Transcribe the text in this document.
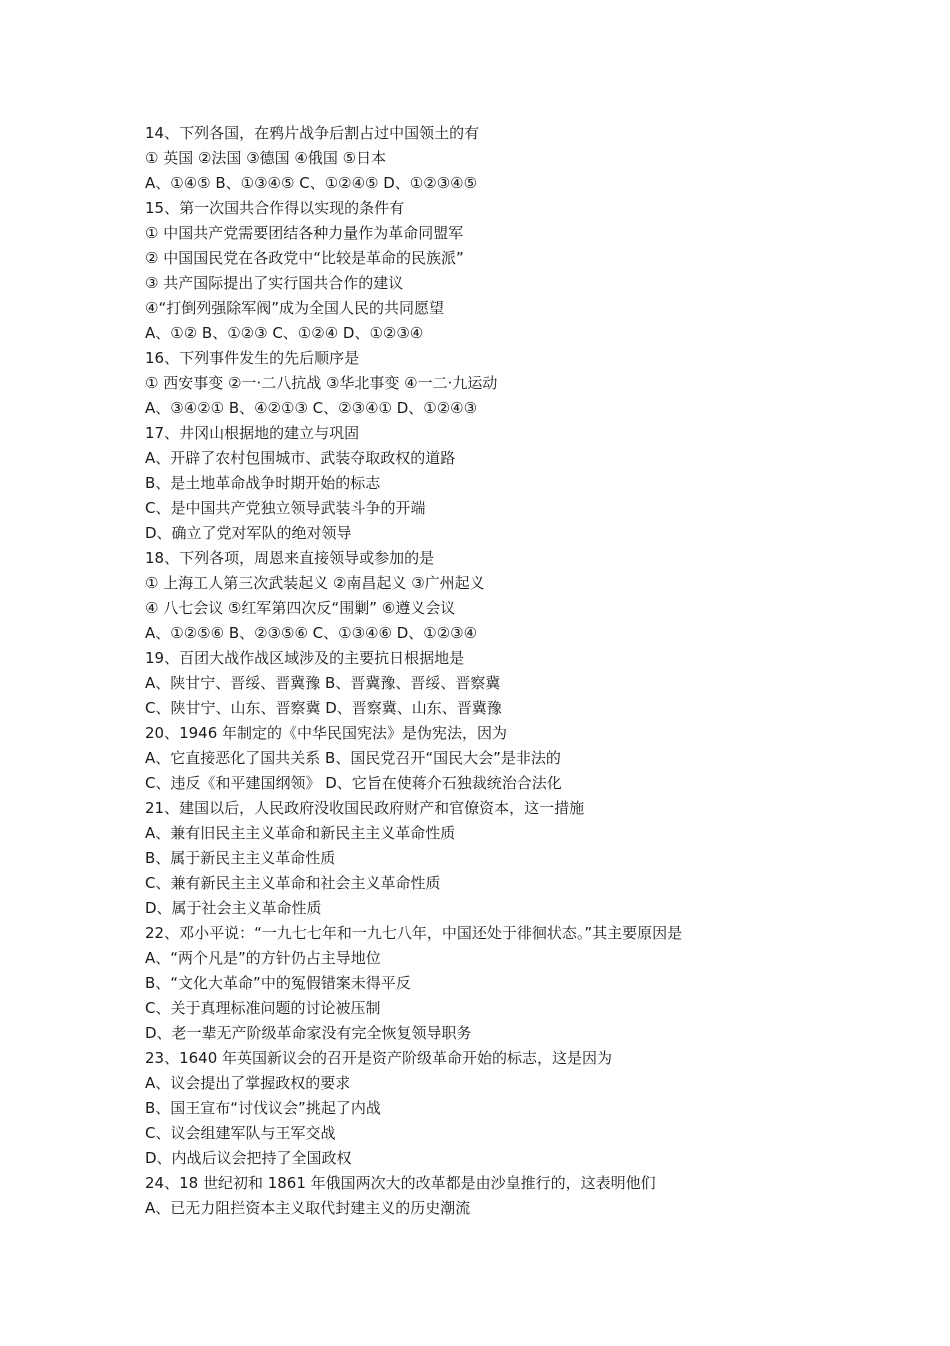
14、下列各国，在鸦片战争后割占过中国领土的有
① 英国 ②法国 ③德国 ④俄国 ⑤日本
A、①④⑤ B、①③④⑤ C、①②④⑤ D、①②③④⑤
15、第一次国共合作得以实现的条件有
① 中国共产党需要团结各种力量作为革命同盟军
② 中国国民党在各政党中“比较是革命的民族派”
③ 共产国际提出了实行国共合作的建议
④“打倒列强除军阀”成为全国人民的共同愿望
A、①② B、①②③ C、①②④ D、①②③④
16、下列事件发生的先后顺序是
① 西安事变 ②一·二八抗战 ③华北事变 ④一二·九运动
A、③④②① B、④②①③ C、②③④① D、①②④③
17、井冈山根据地的建立与巩固
A、开辟了农村包围城市、武装夺取政权的道路
B、是土地革命战争时期开始的标志
C、是中国共产党独立领导武装斗争的开端
D、确立了党对军队的绝对领导
18、下列各项，周恩来直接领导或参加的是
① 上海工人第三次武装起义 ②南昌起义 ③广州起义
④ 八七会议 ⑤红军第四次反“围剿” ⑥遵义会议
A、①②⑤⑥ B、②③⑤⑥ C、①③④⑥ D、①②③④
19、百团大战作战区域涉及的主要抗日根据地是
A、陕甘宁、晋绥、晋冀豫 B、晋冀豫、晋绥、晋察冀
C、陕甘宁、山东、晋察冀 D、晋察冀、山东、晋冀豫
20、1946 年制定的《中华民国宪法》是伪宪法，因为
A、它直接恶化了国共关系 B、国民党召开“国民大会”是非法的
C、违反《和平建国纲领》 D、它旨在使蒋介石独裁统治合法化
21、建国以后，人民政府没收国民政府财产和官僚资本，这一措施
A、兼有旧民主主义革命和新民主主义革命性质
B、属于新民主主义革命性质
C、兼有新民主主义革命和社会主义革命性质
D、属于社会主义革命性质
22、邓小平说：“一九七七年和一九七八年，中国还处于徘徊状态。”其主要原因是
A、“两个凡是”的方针仍占主导地位
B、“文化大革命”中的冤假错案未得平反
C、关于真理标准问题的讨论被压制
D、老一辈无产阶级革命家没有完全恢复领导职务
23、1640 年英国新议会的召开是资产阶级革命开始的标志，这是因为
A、议会提出了掌握政权的要求
B、国王宣布“讨伐议会”挑起了内战
C、议会组建军队与王军交战
D、内战后议会把持了全国政权
24、18 世纪初和 1861 年俄国两次大的改革都是由沙皇推行的，这表明他们
A、已无力阻拦资本主义取代封建主义的历史潮流
